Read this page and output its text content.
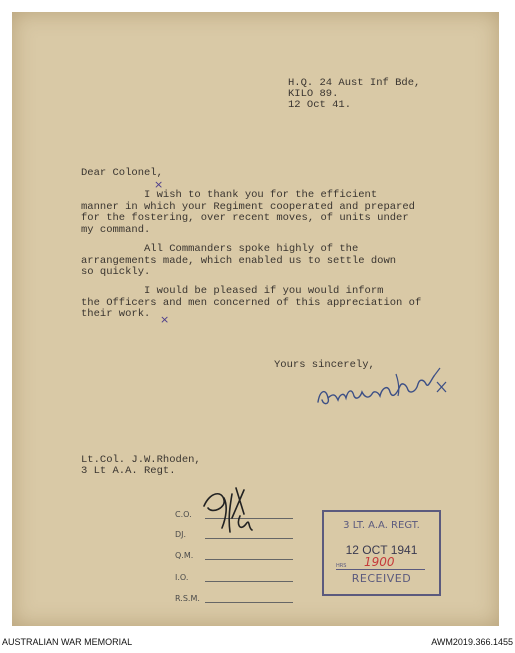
H.Q. 24 Aust Inf Bde,
KILO 89.
12 Oct 41.
Dear Colonel,
×
I wish to thank you for the efficient
manner in which your Regiment cooperated and prepared
for the fostering, over recent moves, of units under
my command.
All Commanders spoke highly of the
arrangements made, which enabled us to settle down
so quickly.
I would be pleased if you would inform
the Officers and men concerned of this appreciation of
their work. ×
Yours sincerely,
Lt.Col. J.W.Rhoden,
3 Lt A.A. Regt.
C.O.
DJ.
Q.M.
I.O.
R.S.M.
3 LT. A.A. REGT.
12 OCT 1941
HRS 1900
RECEIVED
AUSTRALIAN WAR MEMORIAL	AWM2019.366.1455
